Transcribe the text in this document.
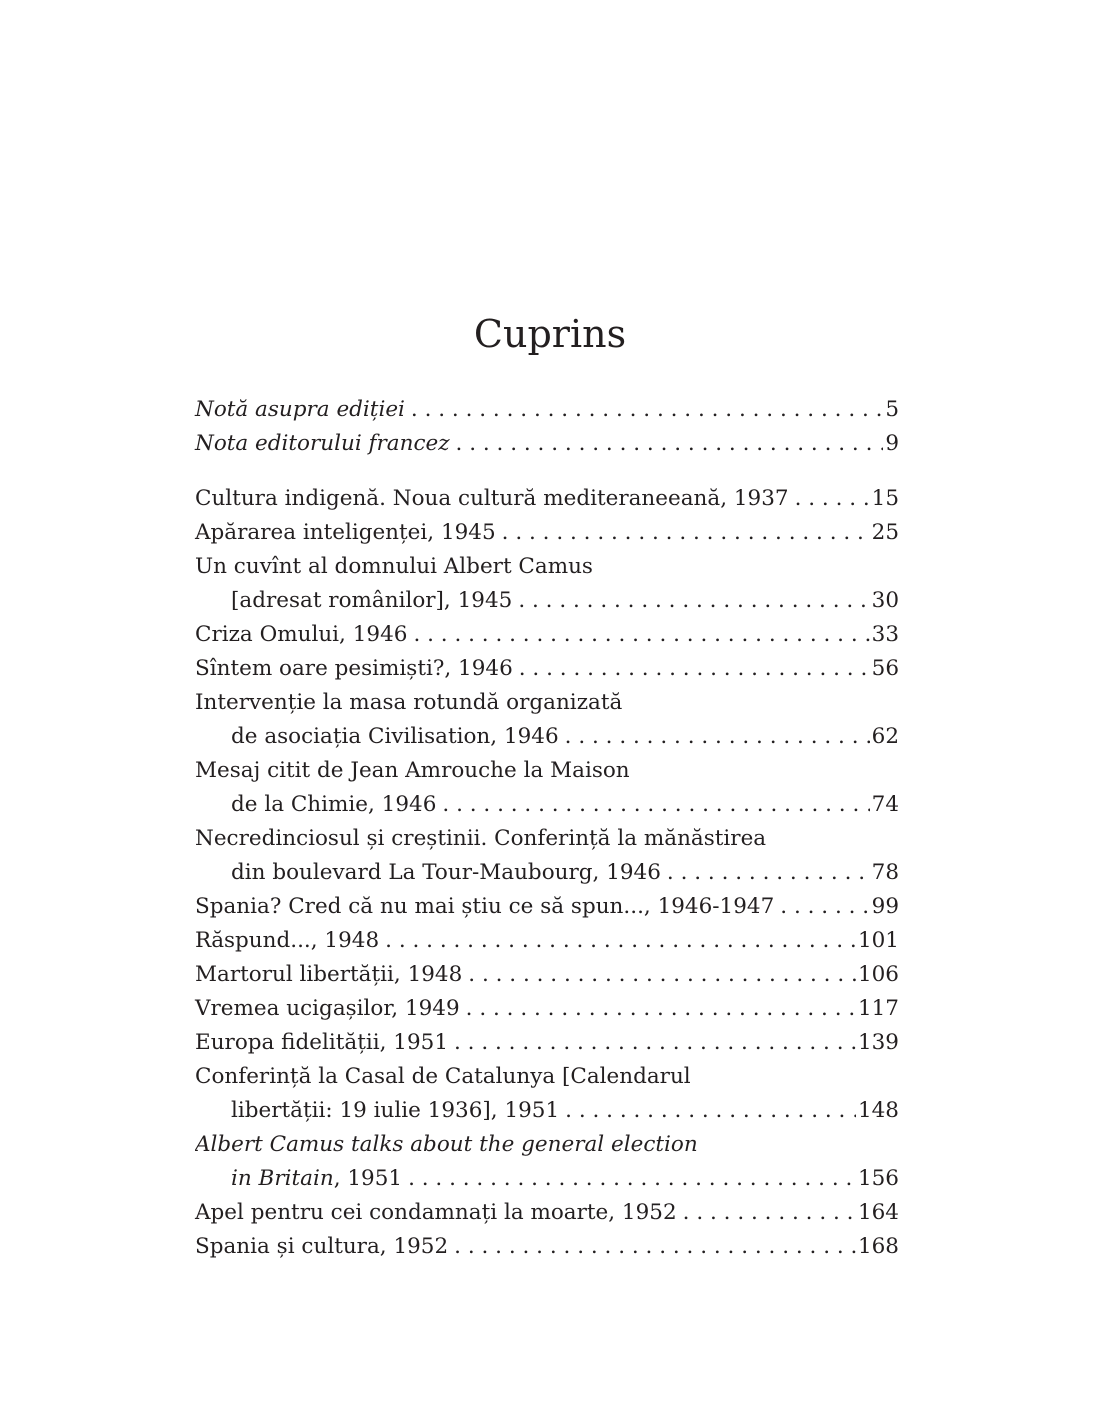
Cuprins
Notă asupra ediției . . .	5
Nota editorului francez . . .	9
Cultura indigenă. Noua cultură mediteraneeană, 1937 . . .	15
Apărarea inteligenței, 1945 . . .	25
Un cuvînt al domnului Albert Camus
[adresat românilor], 1945 . . .	30
Criza Omului, 1946 . . .	33
Sîntem oare pesimiști?, 1946 . . .	56
Intervenție la masa rotundă organizată
de asociația Civilisation, 1946 . . .	62
Mesaj citit de Jean Amrouche la Maison
de la Chimie, 1946 . . .	74
Necredinciosul și creștinii. Conferință la mănăstirea
din boulevard La Tour-Maubourg, 1946 . . .	78
Spania? Cred că nu mai știu ce să spun..., 1946-1947 . . .	99
Răspund..., 1948 . . .	101
Martorul libertății, 1948 . . .	106
Vremea ucigașilor, 1949 . . .	117
Europa fidelității, 1951 . . .	139
Conferință la Casal de Catalunya [Calendarul
libertății: 19 iulie 1936], 1951 . . .	148
Albert Camus talks about the general election
in Britain, 1951 . . .	156
Apel pentru cei condamnați la moarte, 1952 . . .	164
Spania și cultura, 1952 . . .	168
